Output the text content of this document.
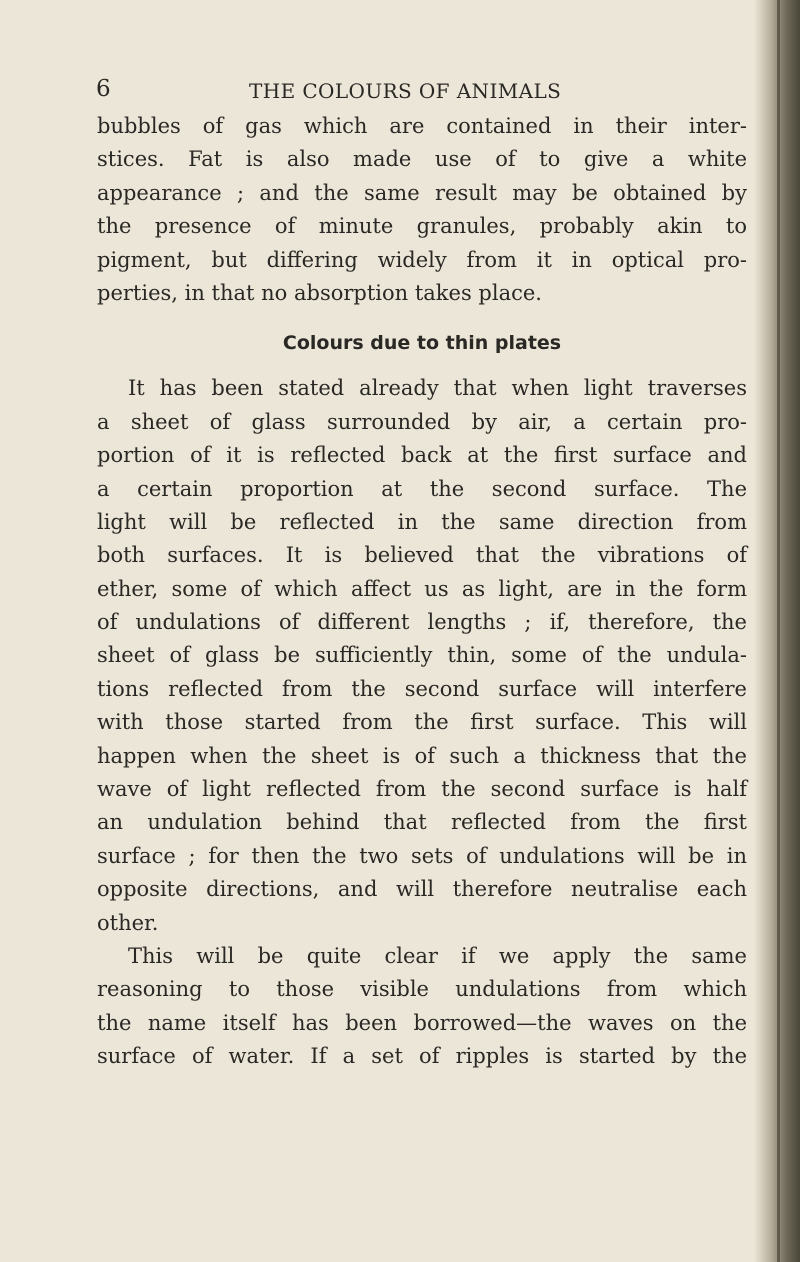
6	THE COLOURS OF ANIMALS
bubbles of gas which are contained in their inter-
stices. Fat is also made use of to give a white
appearance ; and the same result may be obtained by
the presence of minute granules, probably akin to
pigment, but differing widely from it in optical pro-
perties, in that no absorption takes place.
Colours due to thin plates
It has been stated already that when light traverses
a sheet of glass surrounded by air, a certain pro-
portion of it is reflected back at the first surface and
a certain proportion at the second surface. The
light will be reflected in the same direction from
both surfaces. It is believed that the vibrations of
ether, some of which affect us as light, are in the form
of undulations of different lengths ; if, therefore, the
sheet of glass be sufficiently thin, some of the undula-
tions reflected from the second surface will interfere
with those started from the first surface. This will
happen when the sheet is of such a thickness that the
wave of light reflected from the second surface is half
an undulation behind that reflected from the first
surface ; for then the two sets of undulations will be in
opposite directions, and will therefore neutralise each
other.
This will be quite clear if we apply the same
reasoning to those visible undulations from which
the name itself has been borrowed—the waves on the
surface of water. If a set of ripples is started by the
